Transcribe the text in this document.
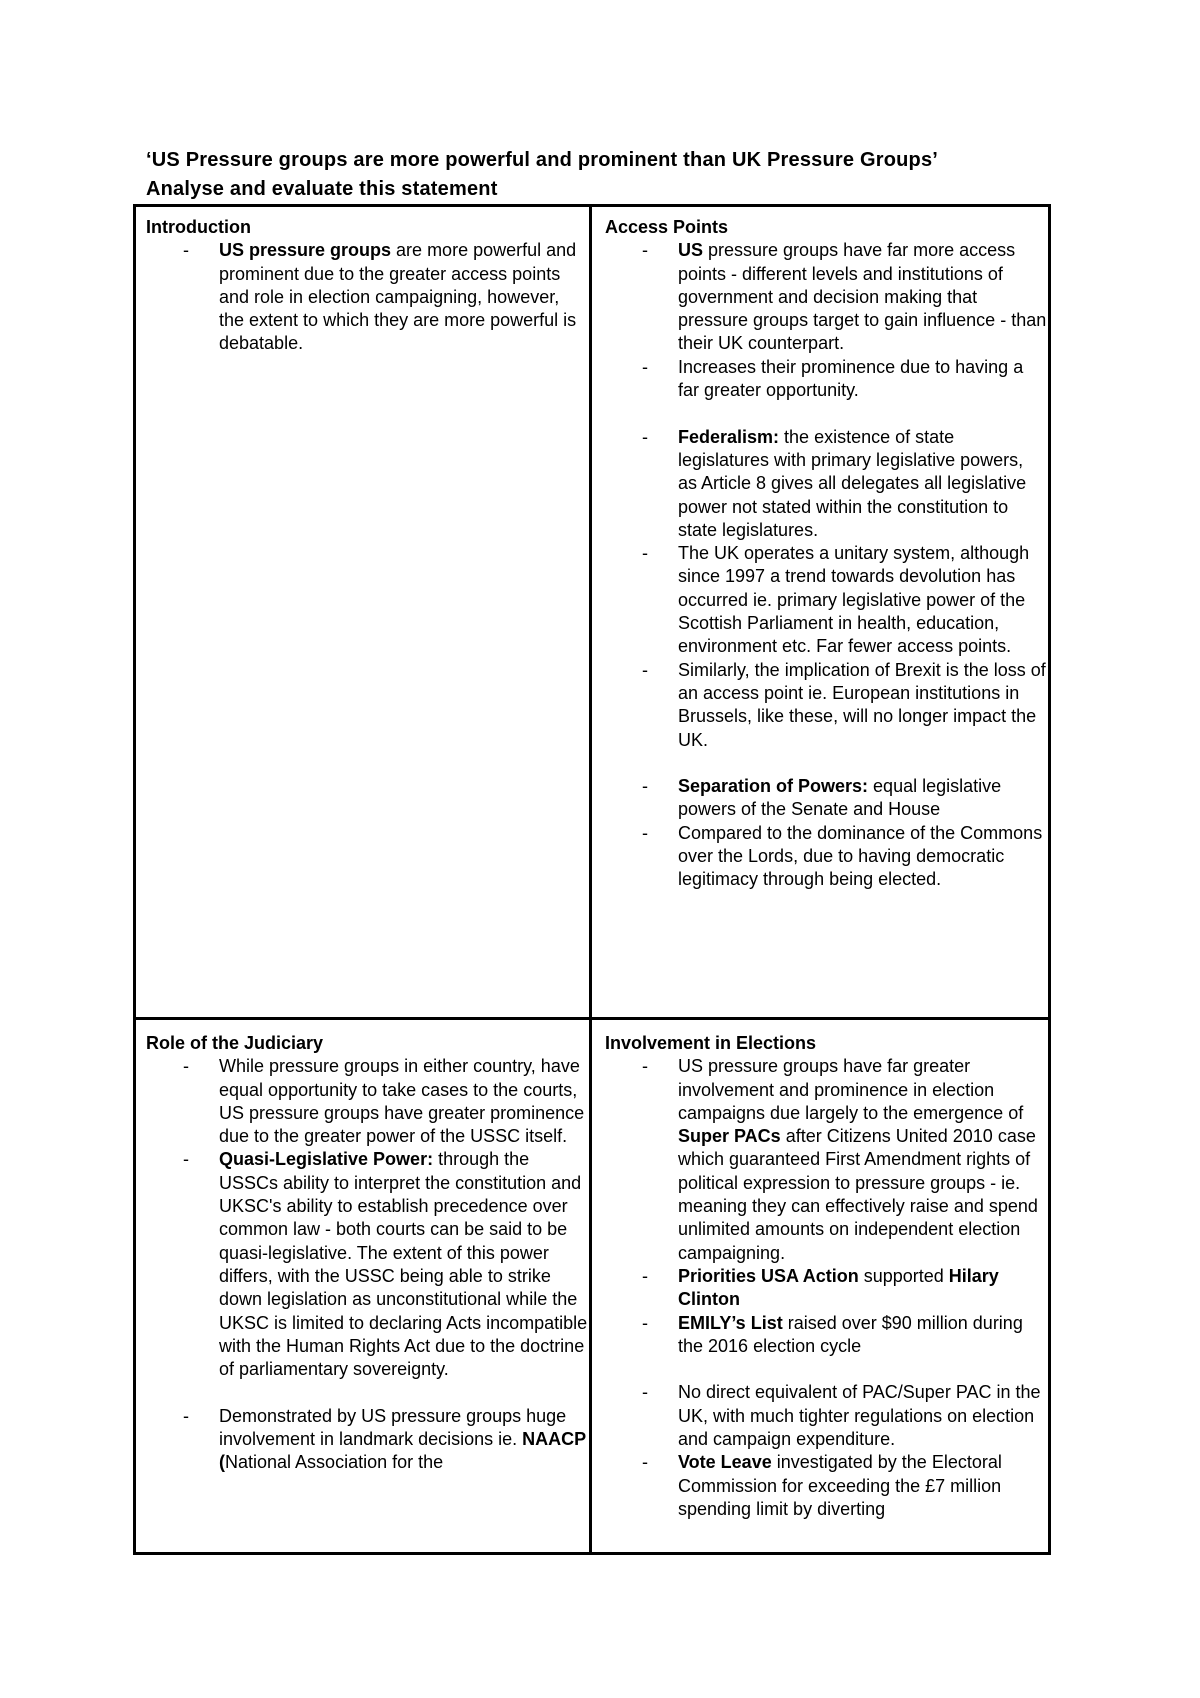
‘US Pressure groups are more powerful and prominent than UK Pressure Groups’
Analyse and evaluate this statement
Introduction
- US pressure groups are more powerful and prominent due to the greater access points and role in election campaigning, however, the extent to which they are more powerful is debatable.
Access Points
- US pressure groups have far more access points - different levels and institutions of government and decision making that pressure groups target to gain influence - than their UK counterpart.
- Increases their prominence due to having a far greater opportunity.
- Federalism: the existence of state legislatures with primary legislative powers, as Article 8 gives all delegates all legislative power not stated within the constitution to state legislatures.
- The UK operates a unitary system, although since 1997 a trend towards devolution has occurred ie. primary legislative power of the Scottish Parliament in health, education, environment etc. Far fewer access points.
- Similarly, the implication of Brexit is the loss of an access point ie. European institutions in Brussels, like these, will no longer impact the UK.
- Separation of Powers: equal legislative powers of the Senate and House
- Compared to the dominance of the Commons over the Lords, due to having democratic legitimacy through being elected.
Role of the Judiciary
- While pressure groups in either country, have equal opportunity to take cases to the courts, US pressure groups have greater prominence due to the greater power of the USSC itself.
- Quasi-Legislative Power: through the USSCs ability to interpret the constitution and UKSC's ability to establish precedence over common law - both courts can be said to be quasi-legislative. The extent of this power differs, with the USSC being able to strike down legislation as unconstitutional while the UKSC is limited to declaring Acts incompatible with the Human Rights Act due to the doctrine of parliamentary sovereignty.
- Demonstrated by US pressure groups huge involvement in landmark decisions ie. NAACP (National Association for the
Involvement in Elections
- US pressure groups have far greater involvement and prominence in election campaigns due largely to the emergence of Super PACs after Citizens United 2010 case which guaranteed First Amendment rights of political expression to pressure groups - ie. meaning they can effectively raise and spend unlimited amounts on independent election campaigning.
- Priorities USA Action supported Hilary Clinton
- EMILY’s List raised over $90 million during the 2016 election cycle
- No direct equivalent of PAC/Super PAC in the UK, with much tighter regulations on election and campaign expenditure.
- Vote Leave investigated by the Electoral Commission for exceeding the £7 million spending limit by diverting
